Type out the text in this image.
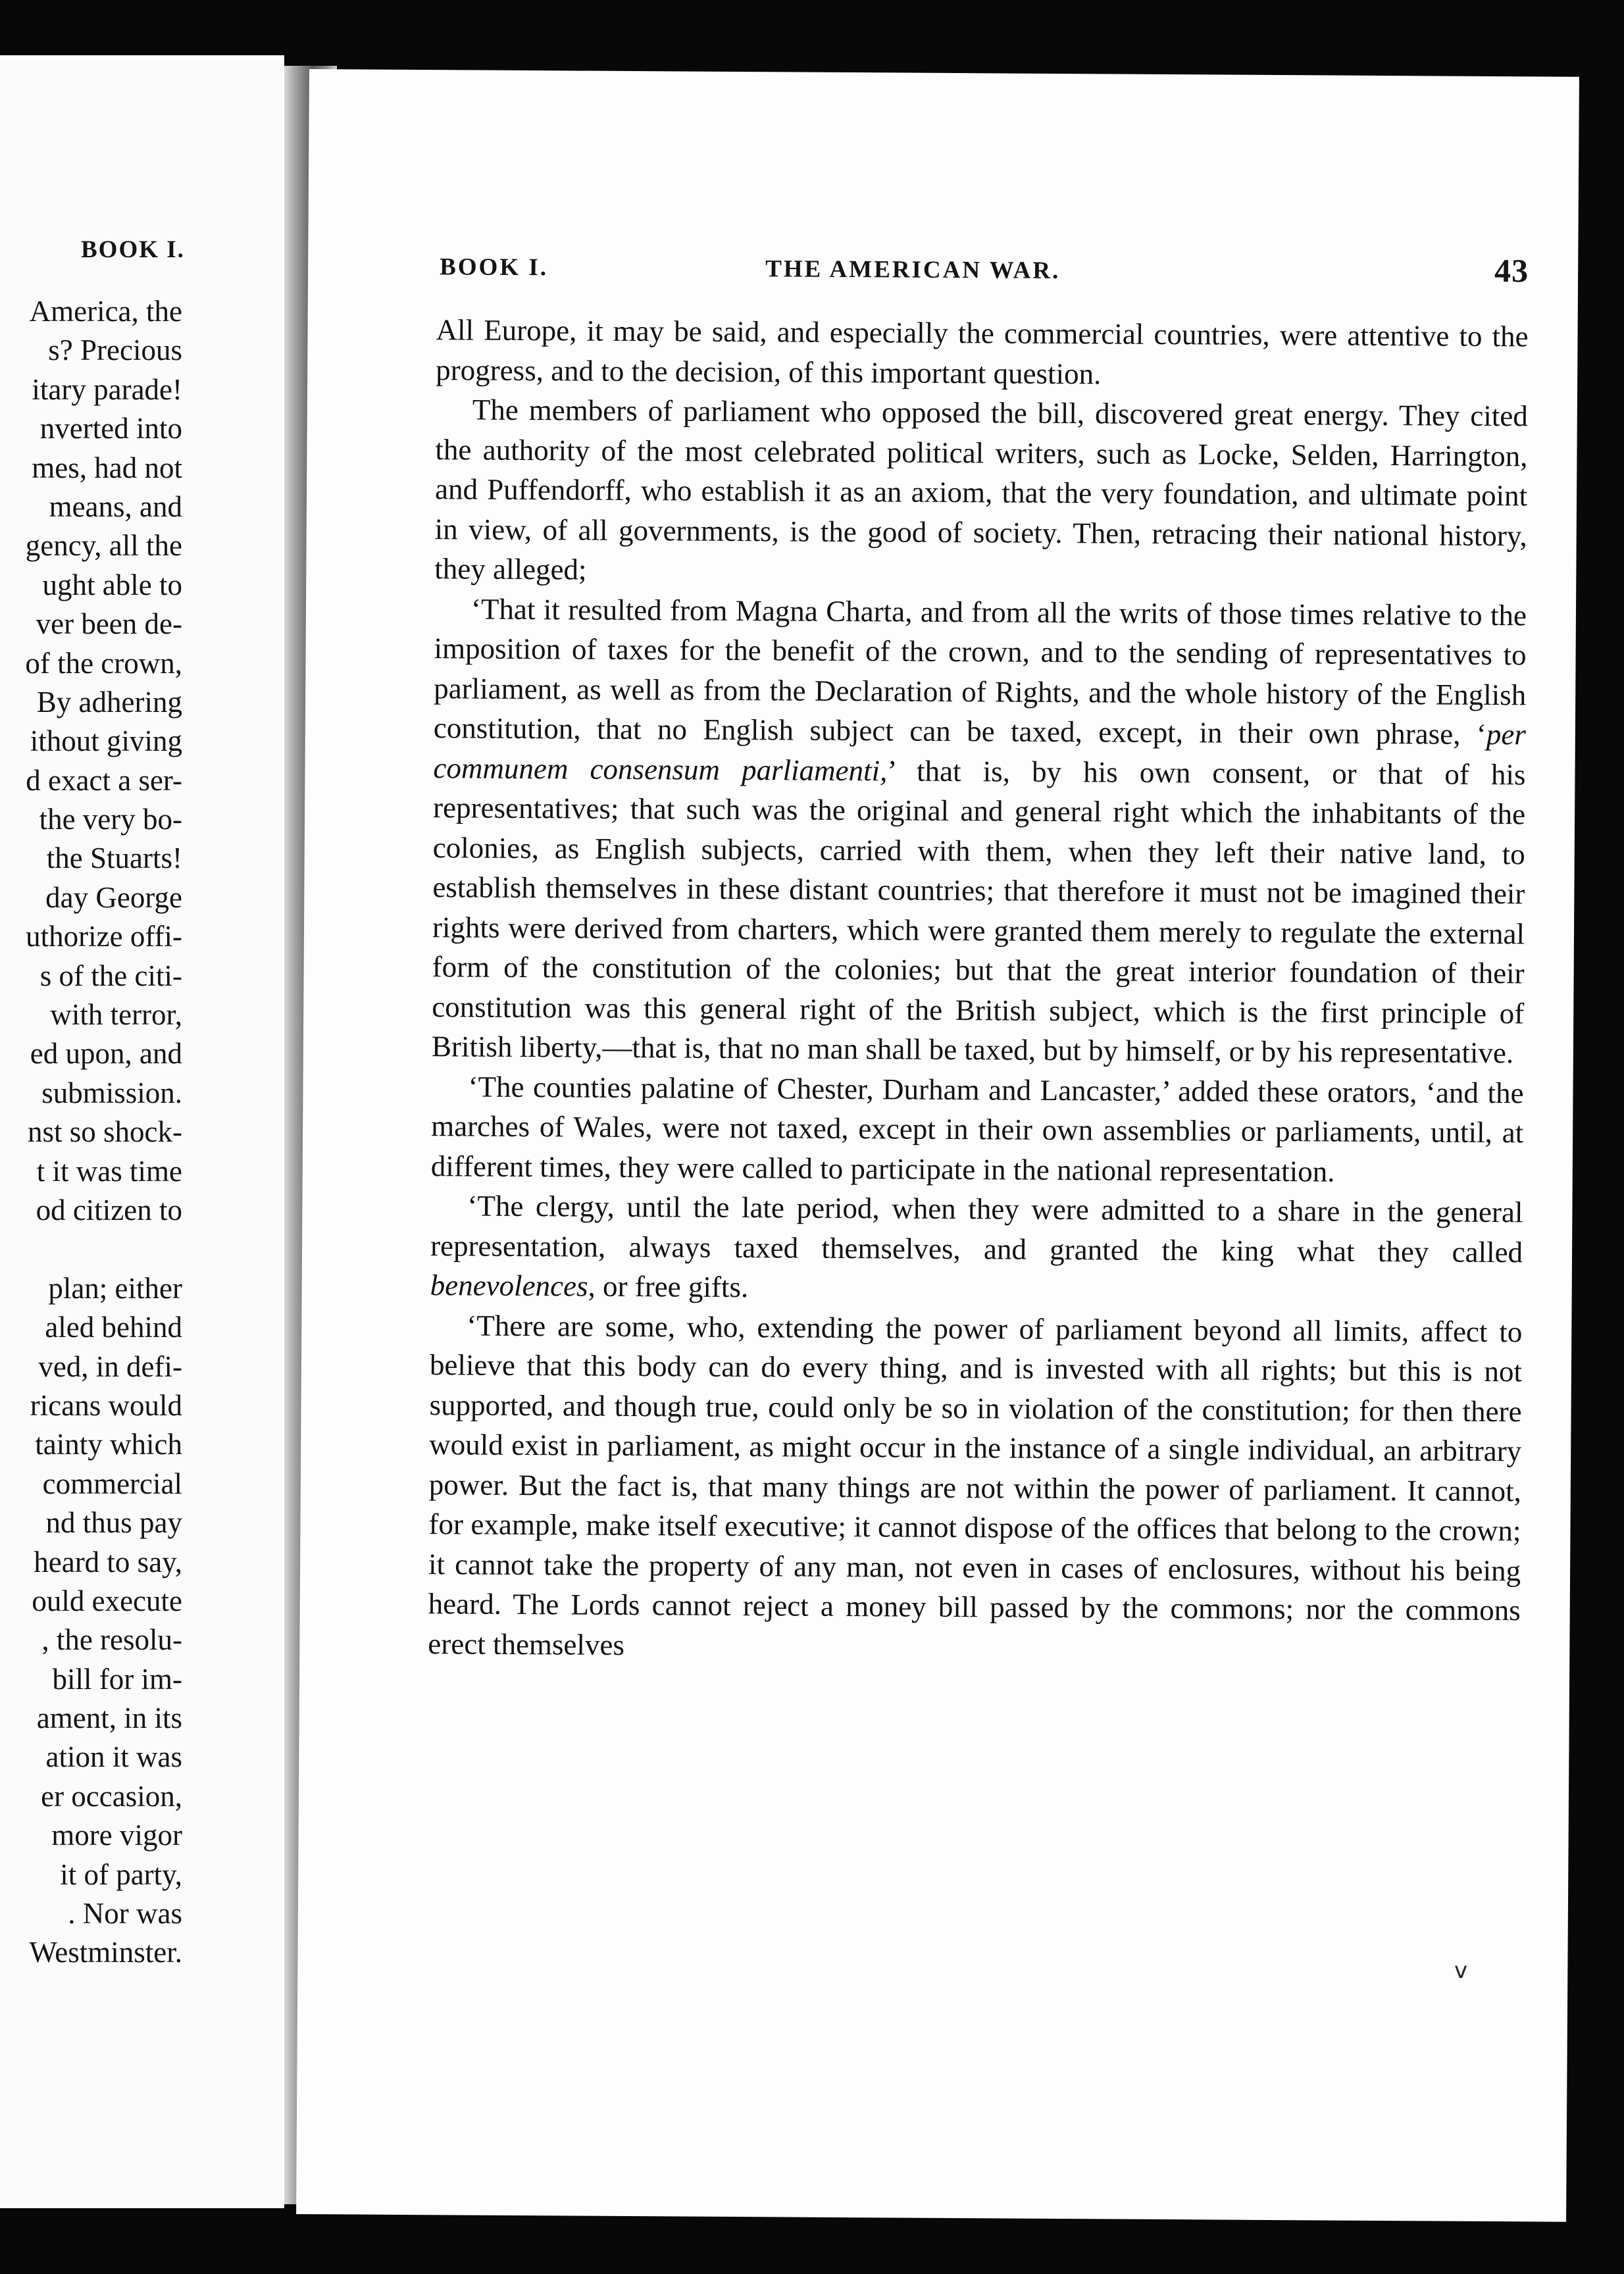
BOOK I.
America, the
s? Precious
itary parade!
nverted into
mes, had not
means, and
gency, all the
ught able to
ver been de-
of the crown,
By adhering
ithout giving
d exact a ser-
the very bo-
the Stuarts!
day George
uthorize offi-
s of the citi-
with terror,
ed upon, and
submission.
nst so shock-
t it was time
od citizen to

plan; either
aled behind
ved, in defi-
ricans would
tainty which
commercial
nd thus pay
heard to say,
ould execute
, the resolu-
bill for im-
ament, in its
ation it was
er occasion,
more vigor
it of party,
. Nor was
Westminster.
BOOK I.	THE AMERICAN WAR.	43

All Europe, it may be said, and especially the commercial countries, were attentive to the progress, and to the decision, of this important question.

The members of parliament who opposed the bill, discovered great energy. They cited the authority of the most celebrated political writers, such as Locke, Selden, Harrington, and Puffendorff, who establish it as an axiom, that the very foundation, and ultimate point in view, of all governments, is the good of society. Then, retracing their national history, they alleged;

‘That it resulted from Magna Charta, and from all the writs of those times relative to the imposition of taxes for the benefit of the crown, and to the sending of representatives to parliament, as well as from the Declaration of Rights, and the whole history of the English constitution, that no English subject can be taxed, except, in their own phrase, ‘per communem consensum parliamenti,’ that is, by his own consent, or that of his representatives; that such was the original and general right which the inhabitants of the colonies, as English subjects, carried with them, when they left their native land, to establish themselves in these distant countries; that therefore it must not be imagined their rights were derived from charters, which were granted them merely to regulate the external form of the constitution of the colonies; but that the great interior foundation of their constitution was this general right of the British subject, which is the first principle of British liberty,—that is, that no man shall be taxed, but by himself, or by his representative.

‘The counties palatine of Chester, Durham and Lancaster,’ added these orators, ‘and the marches of Wales, were not taxed, except in their own assemblies or parliaments, until, at different times, they were called to participate in the national representation.

‘The clergy, until the late period, when they were admitted to a share in the general representation, always taxed themselves, and granted the king what they called benevolences, or free gifts.

‘There are some, who, extending the power of parliament beyond all limits, affect to believe that this body can do every thing, and is invested with all rights; but this is not supported, and though true, could only be so in violation of the constitution; for then there would exist in parliament, as might occur in the instance of a single individual, an arbitrary power. But the fact is, that many things are not within the power of parliament. It cannot, for example, make itself executive; it cannot dispose of the offices that belong to the crown; it cannot take the property of any man, not even in cases of enclosures, without his being heard. The Lords cannot reject a money bill passed by the commons; nor the commons erect themselves

v
